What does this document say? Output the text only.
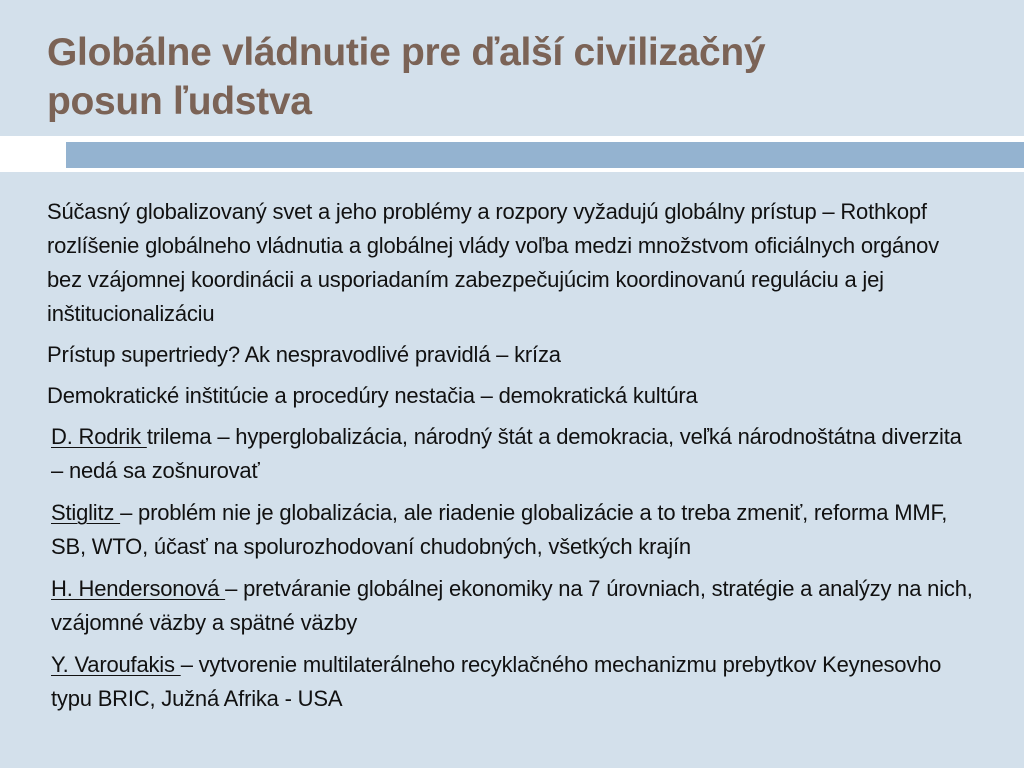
Globálne vládnutie pre ďalší civilizačný
posun ľudstva

Súčasný globalizovaný svet a jeho problémy a rozpory vyžadujú globálny prístup – Rothkopf rozlíšenie globálneho vládnutia a globálnej vlády voľba medzi množstvom oficiálnych orgánov bez vzájomnej koordinácii a usporiadaním zabezpečujúcim koordinovanú reguláciu a jej inštitucionalizáciu

Prístup supertriedy? Ak nespravodlivé pravidlá – kríza

Demokratické inštitúcie a procedúry nestačia – demokratická kultúra

D. Rodrik trilema – hyperglobalizácia, národný štát a demokracia, veľká národnoštátna diverzita – nedá sa zošnurovať

Stiglitz – problém nie je globalizácia, ale riadenie globalizácie a to treba zmeniť, reforma MMF, SB, WTO, účasť na spolurozhodovaní chudobných, všetkých krajín

H. Hendersonová – pretváranie globálnej ekonomiky na 7 úrovniach, stratégie a analýzy na nich, vzájomné väzby a spätné väzby

Y. Varoufakis – vytvorenie multilaterálneho recyklačného mechanizmu prebytkov Keynesovho typu BRIC, Južná Afrika - USA
